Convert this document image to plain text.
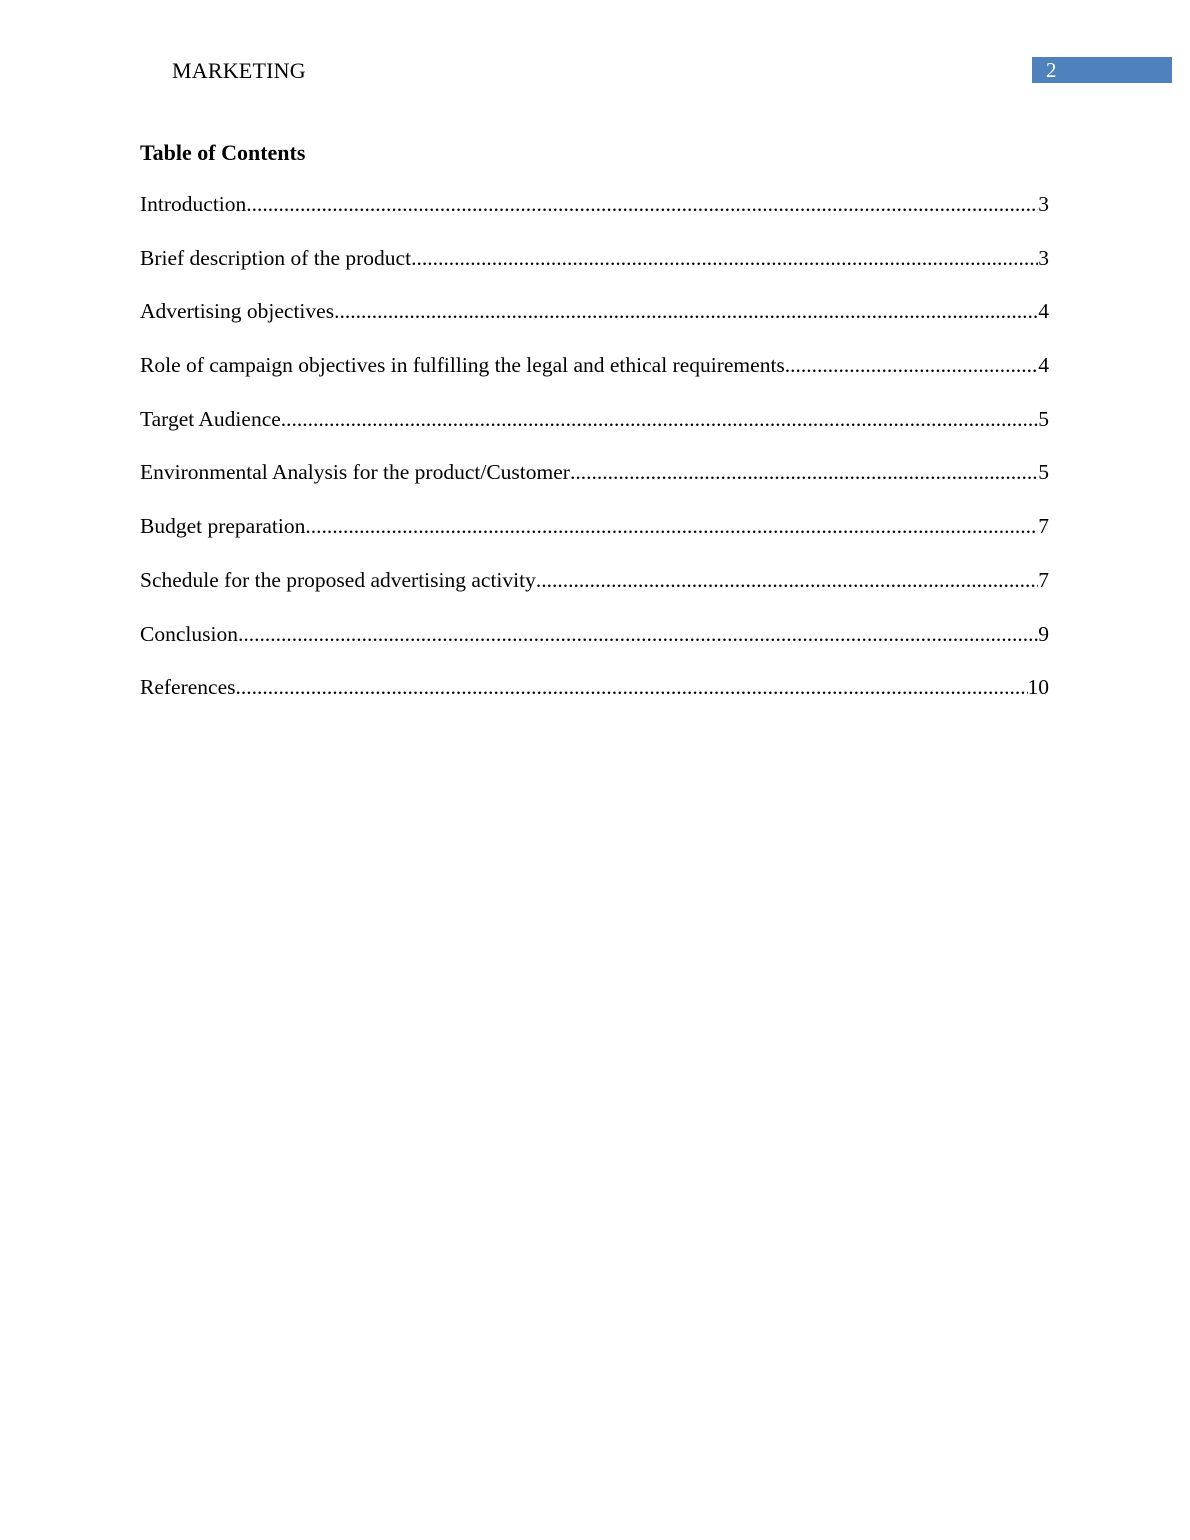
MARKETING	2
Table of Contents
Introduction .....	3
Brief description of the product .....	3
Advertising objectives .....	4
Role of campaign objectives in fulfilling the legal and ethical requirements .....	4
Target Audience .....	5
Environmental Analysis for the product/Customer .....	5
Budget preparation .....	7
Schedule for the proposed advertising activity .....	7
Conclusion .....	9
References .....	10
